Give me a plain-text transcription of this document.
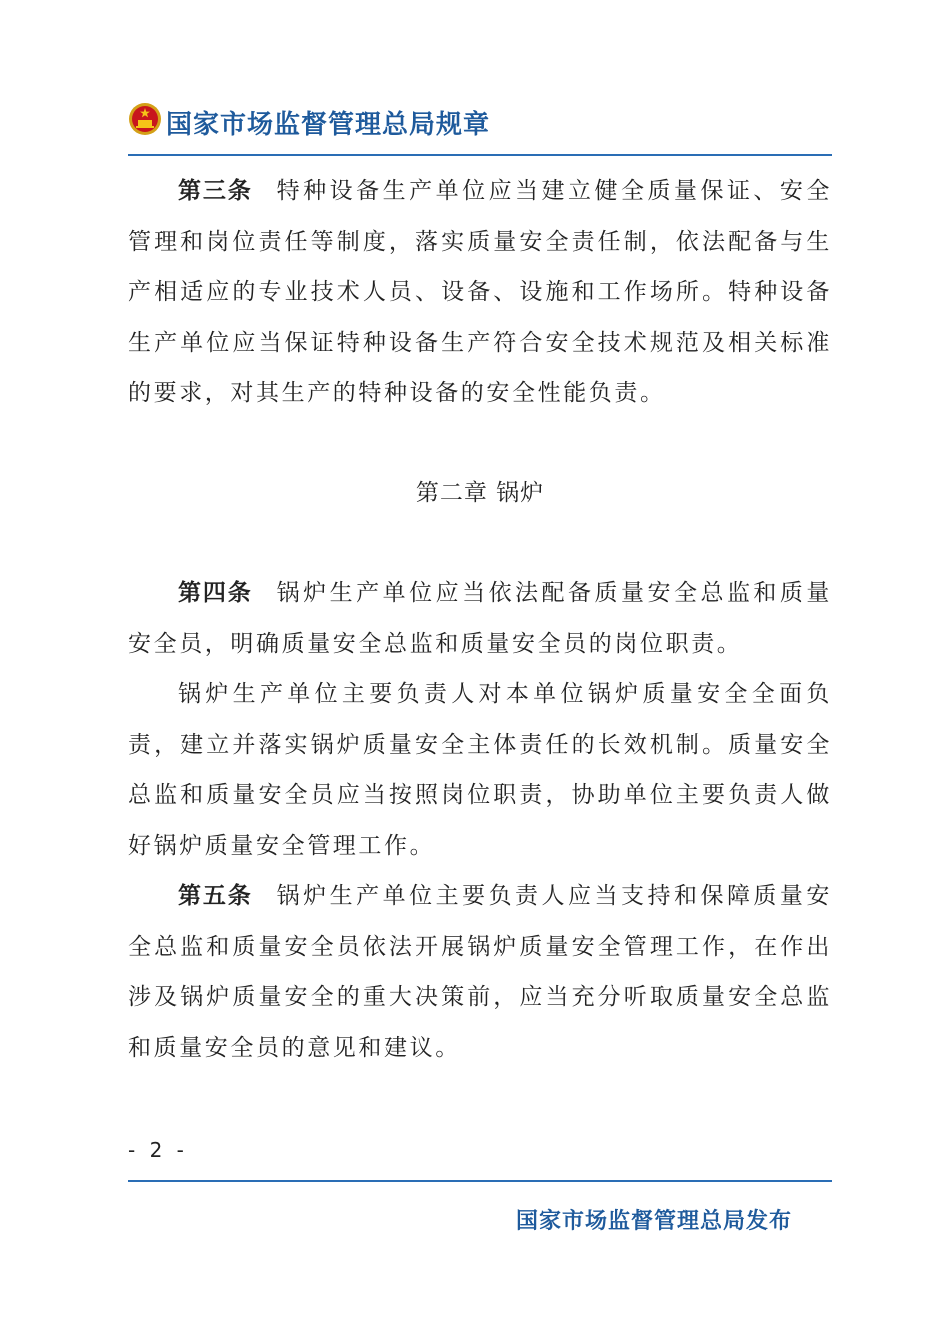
国家市场监督管理总局规章

第三条 特种设备生产单位应当建立健全质量保证、安全管理和岗位责任等制度，落实质量安全责任制，依法配备与生产相适应的专业技术人员、设备、设施和工作场所。特种设备生产单位应当保证特种设备生产符合安全技术规范及相关标准的要求，对其生产的特种设备的安全性能负责。

第二章 锅炉

第四条 锅炉生产单位应当依法配备质量安全总监和质量安全员，明确质量安全总监和质量安全员的岗位职责。

锅炉生产单位主要负责人对本单位锅炉质量安全全面负责，建立并落实锅炉质量安全主体责任的长效机制。质量安全总监和质量安全员应当按照岗位职责，协助单位主要负责人做好锅炉质量安全管理工作。

第五条 锅炉生产单位主要负责人应当支持和保障质量安全总监和质量安全员依法开展锅炉质量安全管理工作，在作出涉及锅炉质量安全的重大决策前，应当充分听取质量安全总监和质量安全员的意见和建议。

- 2 -
国家市场监督管理总局发布
